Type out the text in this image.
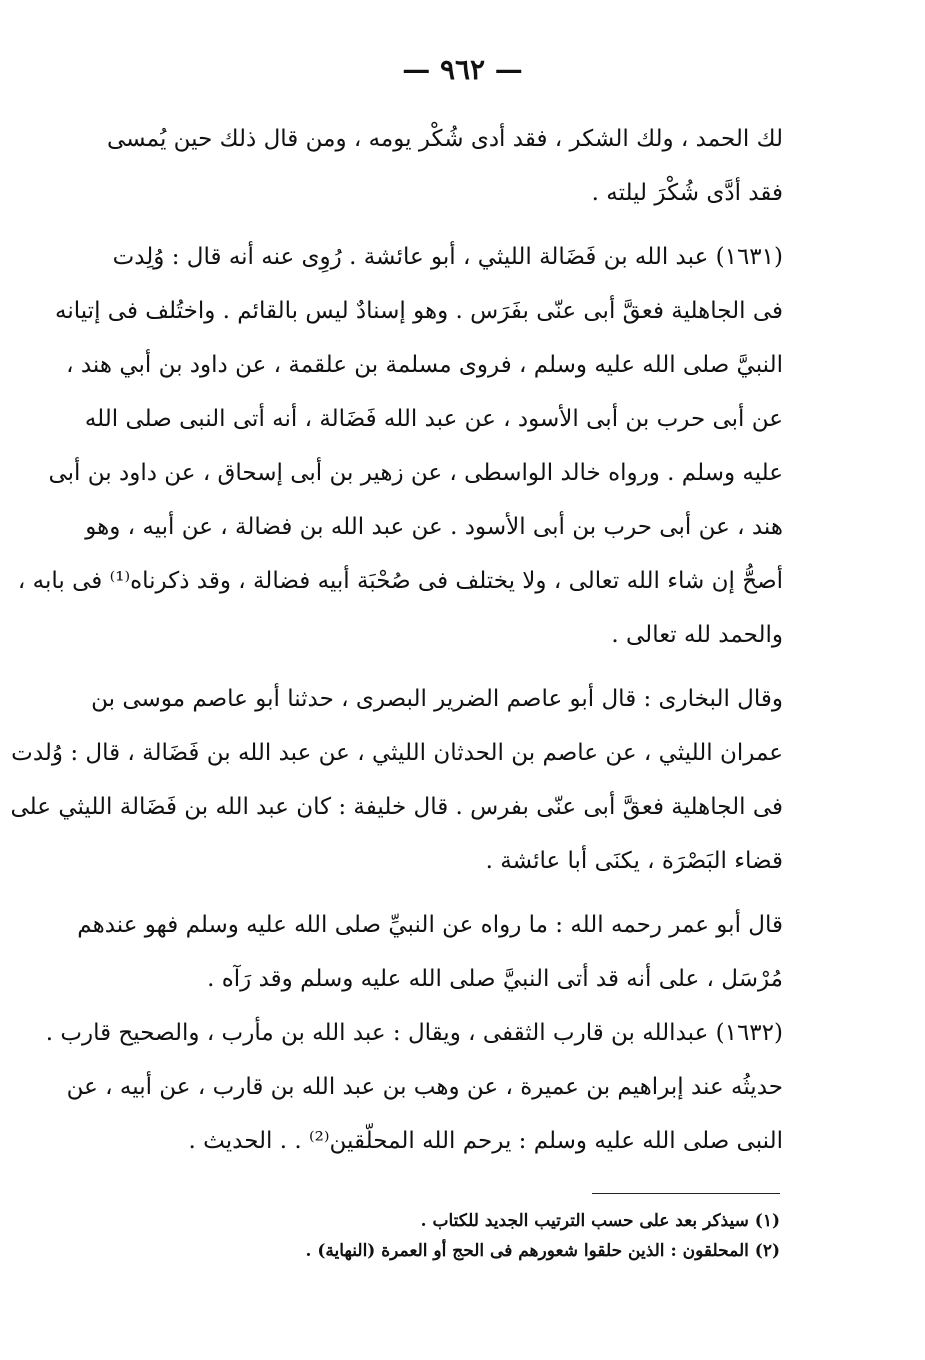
— ٩٦٢ —
لك الحمد ، ولك الشكر ، فقد أدى شُكْر يومه ، ومن قال ذلك حين يُمسى
فقد أدَّى شُكْرَ ليلته .
(١٦٣١) عبد الله بن فَضَالة الليثي ، أبو عائشة . رُوِى عنه أنه قال : وُلِدت
فى الجاهلية فعقَّ أبى عنّى بفَرَس . وهو إسنادٌ ليس بالقائم . واختُلف فى إتيانه
النبيَّ صلى الله عليه وسلم ، فروى مسلمة بن علقمة ، عن داود بن أبي هند ،
عن أبى حرب بن أبى الأسود ، عن عبد الله فَضَالة ، أنه أتى النبى صلى الله
عليه وسلم . ورواه خالد الواسطى ، عن زهير بن أبى إسحاق ، عن داود بن أبى
هند ، عن أبى حرب بن أبى الأسود . عن عبد الله بن فضالة ، عن أبيه ، وهو
أصحُّ إن شاء الله تعالى ، ولا يختلف فى صُحْبَة أبيه فضالة ، وقد ذكرناه⁽¹⁾ فى بابه ،
والحمد لله تعالى .
وقال البخارى : قال أبو عاصم الضرير البصرى ، حدثنا أبو عاصم موسى بن
عمران الليثي ، عن عاصم بن الحدثان الليثي ، عن عبد الله بن فَضَالة ، قال : وُلدت
فى الجاهلية فعقَّ أبى عنّى بفرس . قال خليفة : كان عبد الله بن فَضَالة الليثي على
قضاء البَصْرَة ، يكنَى أبا عائشة .
قال أبو عمر رحمه الله : ما رواه عن النبيِّ صلى الله عليه وسلم فهو عندهم
مُرْسَل ، على أنه قد أتى النبيَّ صلى الله عليه وسلم وقد رَآه .
(١٦٣٢) عبدالله بن قارب الثقفى ، ويقال : عبد الله بن مأرب ، والصحيح قارب .
حديثُه عند إبراهيم بن عميرة ، عن وهب بن عبد الله بن قارب ، عن أبيه ، عن
النبى صلى الله عليه وسلم : يرحم الله المحلّقين⁽²⁾ . . الحديث .
(١) سيذكر بعد على حسب الترتيب الجديد للكتاب .
(٢) المحلقون : الذين حلقوا شعورهم فى الحج أو العمرة (النهاية) .
